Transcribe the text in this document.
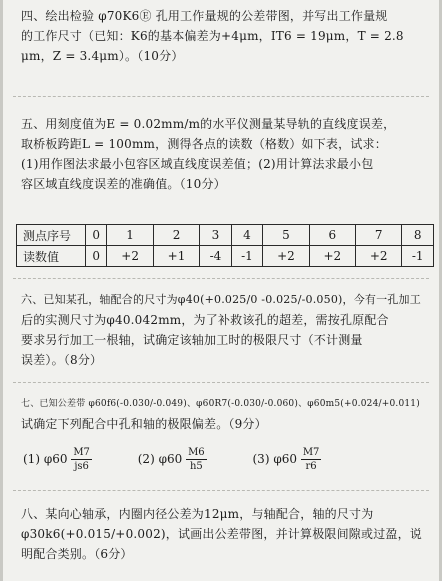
四、绘出检验 φ70K6Ⓔ 孔用工作量规的公差带图，并写出工作量规

的工作尺寸（已知：K6的基本偏差为+4μm，IT6 = 19μm，T = 2.8

μm，Z = 3.4μm）。（10分）

五、用刻度值为E = 0.02mm/m的水平仪测量某导轨的直线度误差，

取桥板跨距L = 100mm，测得各点的读数（格数）如下表，试求：

(1)用作图法求最小包容区域直线度误差值；(2)用计算法求最小包

容区域直线度误差的准确值。（10分）

测点序号	0	1	2	3	4	5	6	7	8
读数值	0	+2	+1	-4	-1	+2	+2	+2	-1

六、已知某孔，轴配合的尺寸为φ40(+0.025/0 -0.025/-0.050)，今有一孔加工

后的实测尺寸为φ40.042mm，为了补救该孔的超差，需按孔原配合

要求另行加工一根轴，试确定该轴加工时的极限尺寸（不计测量

误差）。（8分）

七、已知公差带 φ60f6(-0.030/-0.049)、φ60R7(-0.030/-0.060)、φ60m5(+0.024/+0.011)

试确定下列配合中孔和轴的极限偏差。（9分）

(1) $\varphi 60 \frac{M7}{js6}$	(2) $\varphi 60 \frac{M6}{h5}$	(3) $\varphi 60 \frac{M7}{r6}$

八、某向心轴承，内圈内径公差为12μm，与轴配合，轴的尺寸为

φ30k6(+0.015/+0.002)，试画出公差带图，并计算极限间隙或过盈，说

明配合类别。（6分）
